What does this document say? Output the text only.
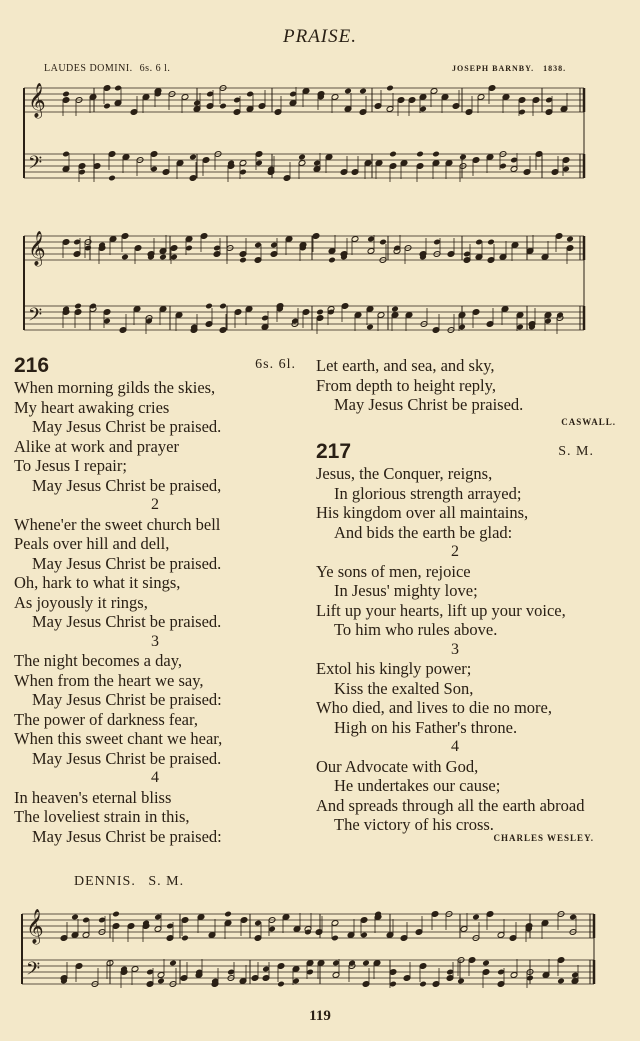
PRAISE.
LAUDES DOMINI. 6s. 6 l.	JOSEPH BARNBY. 1838.
𝄞
𝄢
𝄞
𝄢
216	6s. 6l.
When morning gilds the skies,
My heart awaking cries
May Jesus Christ be praised.
Alike at work and prayer
To Jesus I repair;
May Jesus Christ be praised,
2
Whene'er the sweet church bell
Peals over hill and dell,
May Jesus Christ be praised.
Oh, hark to what it sings,
As joyously it rings,
May Jesus Christ be praised.
3
The night becomes a day,
When from the heart we say,
May Jesus Christ be praised:
The power of darkness fear,
When this sweet chant we hear,
May Jesus Christ be praised.
4
In heaven's eternal bliss
The loveliest strain in this,
May Jesus Christ be praised:
Let earth, and sea, and sky,
From depth to height reply,
May Jesus Christ be praised.
CASWALL.
217	S. M.
Jesus, the Conquer, reigns,
In glorious strength arrayed;
His kingdom over all maintains,
And bids the earth be glad:
2
Ye sons of men, rejoice
In Jesus' mighty love;
Lift up your hearts, lift up your voice,
To him who rules above.
3
Extol his kingly power;
Kiss the exalted Son,
Who died, and lives to die no more,
High on his Father's throne.
4
Our Advocate with God,
He undertakes our cause;
And spreads through all the earth abroad
The victory of his cross.
CHARLES WESLEY.
DENNIS. S. M.
𝄞
𝄢
119
